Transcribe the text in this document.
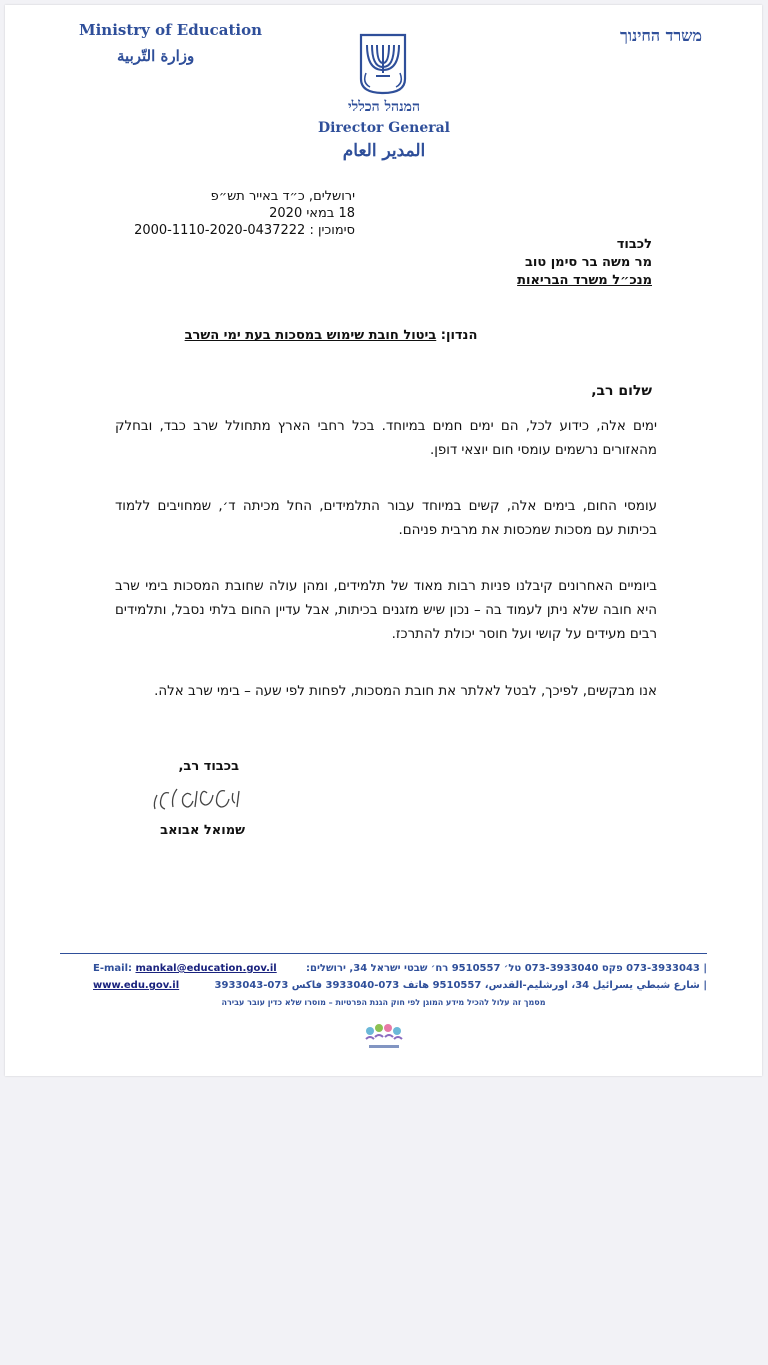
Ministry of Education
وزارة التّربية
משרד החינוך
המנהל הכללי
Director General
المدير العام
ירושלים, כ״ד באייר תש״פ
18 במאי 2020
סימוכין : 2000-1110-2020-0437222
לכבוד
מר משה בר סימן טוב
מנכ״ל משרד הבריאות
הנדון: ביטול חובת שימוש במסכות בעת ימי השרב
שלום רב,
ימים אלה, כידוע לכל, הם ימים חמים במיוחד. בכל רחבי הארץ מתחולל שרב כבד, ובחלק מהאזורים נרשמים עומסי חום יוצאי דופן.
עומסי החום, בימים אלה, קשים במיוחד עבור התלמידים, החל מכיתה ד׳, שמחויבים ללמוד בכיתות עם מסכות שמכסות את מרבית פניהם.
ביומיים האחרונים קיבלנו פניות רבות מאוד של תלמידים, ומהן עולה שחובת המסכות בימי שרב היא חובה שלא ניתן לעמוד בה – נכון שיש מזגנים בכיתות, אבל עדיין החום בלתי נסבל, ותלמידים רבים מעידים על קושי ועל חוסר יכולת להתרכז.
אנו מבקשים, לפיכך, לבטל לאלתר את חובת המסכות, לפחות לפי שעה – בימי שרב אלה.
בכבוד רב,
שמואל אבואב
E-mail: mankal@education.gov.il	| 073-3933043 פקס 073-3933040 טל׳ 9510557 רח׳ שבטי ישראל 34, ירושלים:
www.edu.gov.il	| شارع شبطي يسرائيل 34، اورشليم-القدس، 9510557 هاتف 073-3933040 فاكس 073-3933043
מסמך זה עלול להכיל מידע המוגן לפי חוק הגנת הפרטיות – מוסרו שלא כדין עובר עבירה
